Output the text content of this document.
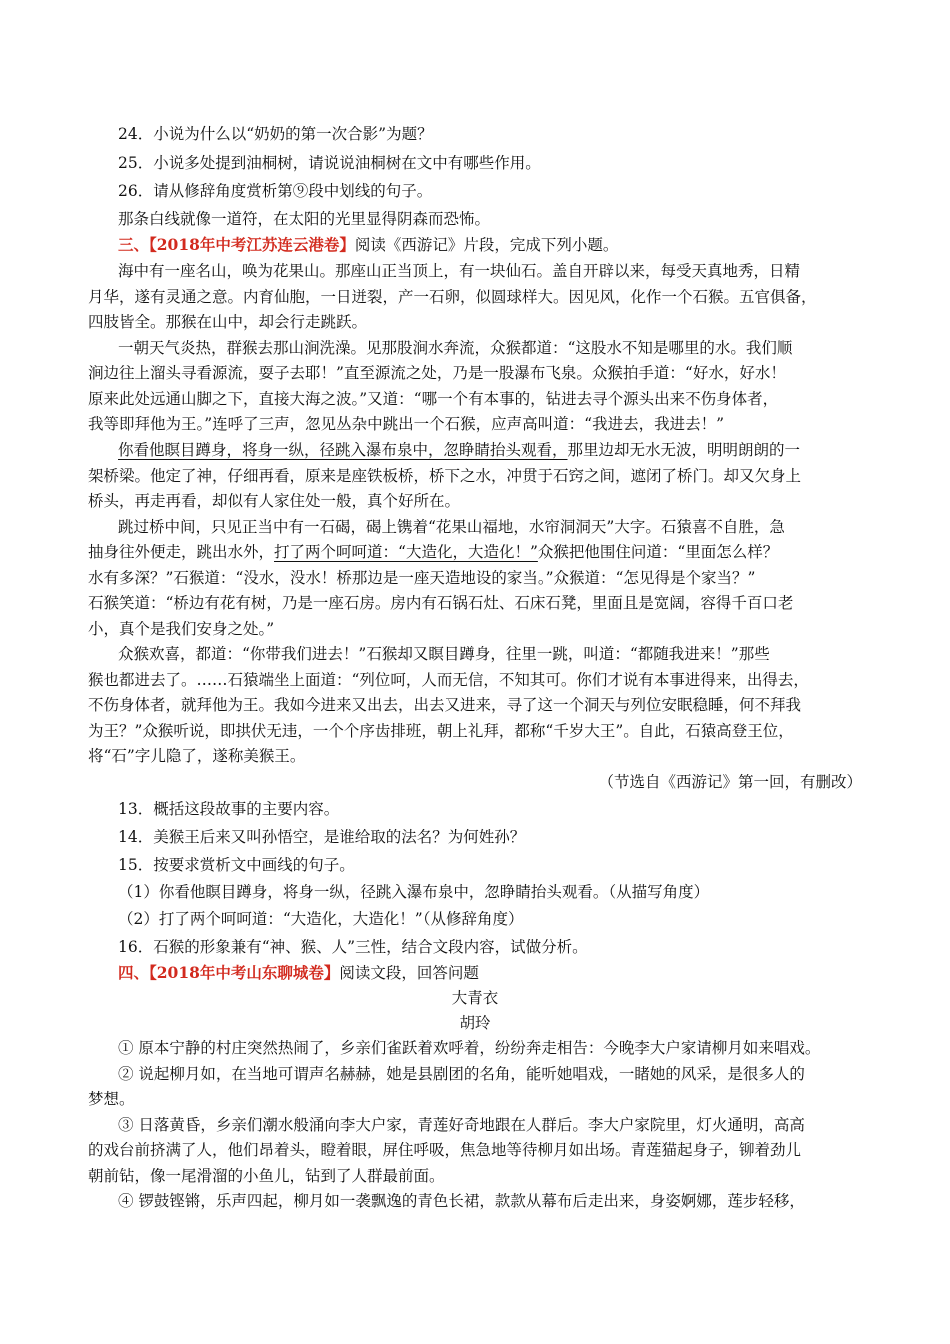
24．小说为什么以“奶奶的第一次合影”为题？
25．小说多处提到油桐树，请说说油桐树在文中有哪些作用。
26．请从修辞角度赏析第⑨段中划线的句子。
那条白线就像一道符，在太阳的光里显得阴森而恐怖。
三、【2018年中考江苏连云港卷】阅读《西游记》片段，完成下列小题。
海中有一座名山，唤为花果山。那座山正当顶上，有一块仙石。盖自开辟以来，每受天真地秀，日精
月华，遂有灵通之意。内育仙胞，一日迸裂，产一石卵，似圆球样大。因见风，化作一个石猴。五官俱备，
四肢皆全。那猴在山中，却会行走跳跃。
一朝天气炎热，群猴去那山涧洗澡。见那股涧水奔流，众猴都道：“这股水不知是哪里的水。我们顺
涧边往上溜头寻看源流，耍子去耶！”直至源流之处，乃是一股瀑布飞泉。众猴拍手道：“好水，好水！
原来此处远通山脚之下，直接大海之波。”又道：“哪一个有本事的，钻进去寻个源头出来不伤身体者，
我等即拜他为王。”连呼了三声，忽见丛杂中跳出一个石猴，应声高叫道：“我进去，我进去！”
你看他瞑目蹲身，将身一纵，径跳入瀑布泉中，忽睁睛抬头观看，那里边却无水无波，明明朗朗的一
架桥梁。他定了神，仔细再看，原来是座铁板桥，桥下之水，冲贯于石窍之间，遮闭了桥门。却又欠身上
桥头，再走再看，却似有人家住处一般，真个好所在。
跳过桥中间，只见正当中有一石碣，碣上镌着“花果山福地，水帘洞洞天”大字。石猿喜不自胜，急
抽身往外便走，跳出水外，打了两个呵呵道：“大造化，大造化！”众猴把他围住问道：“里面怎么样？
水有多深？”石猴道：“没水，没水！桥那边是一座天造地设的家当。”众猴道：“怎见得是个家当？”
石猴笑道：“桥边有花有树，乃是一座石房。房内有石锅石灶、石床石凳，里面且是宽阔，容得千百口老
小，真个是我们安身之处。”
众猴欢喜，都道：“你带我们进去！”石猴却又瞑目蹲身，往里一跳，叫道：“都随我进来！”那些
猴也都进去了。……石猿端坐上面道：“列位呵，人而无信，不知其可。你们才说有本事进得来，出得去，
不伤身体者，就拜他为王。我如今进来又出去，出去又进来，寻了这一个洞天与列位安眠稳睡，何不拜我
为王？”众猴听说，即拱伏无违，一个个序齿排班，朝上礼拜，都称“千岁大王”。自此，石猿高登王位，
将“石”字儿隐了，遂称美猴王。
（节选自《西游记》第一回，有删改）
13．概括这段故事的主要内容。
14．美猴王后来又叫孙悟空，是谁给取的法名？为何姓孙？
15．按要求赏析文中画线的句子。
（1）你看他瞑目蹲身，将身一纵，径跳入瀑布泉中，忽睁睛抬头观看。（从描写角度）
（2）打了两个呵呵道：“大造化，大造化！”（从修辞角度）
16．石猴的形象兼有“神、猴、人”三性，结合文段内容，试做分析。
四、【2018年中考山东聊城卷】阅读文段，回答问题
大青衣
胡玲
① 原本宁静的村庄突然热闹了，乡亲们雀跃着欢呼着，纷纷奔走相告：今晚李大户家请柳月如来唱戏。
② 说起柳月如，在当地可谓声名赫赫，她是县剧团的名角，能听她唱戏，一睹她的风采，是很多人的
梦想。
③ 日落黄昏，乡亲们潮水般涌向李大户家，青莲好奇地跟在人群后。李大户家院里，灯火通明，高高
的戏台前挤满了人，他们昂着头，瞪着眼，屏住呼吸，焦急地等待柳月如出场。青莲猫起身子，铆着劲儿
朝前钻，像一尾滑溜的小鱼儿，钻到了人群最前面。
④ 锣鼓铿锵，乐声四起，柳月如一袭飘逸的青色长裙，款款从幕布后走出来，身姿婀娜，莲步轻移，
